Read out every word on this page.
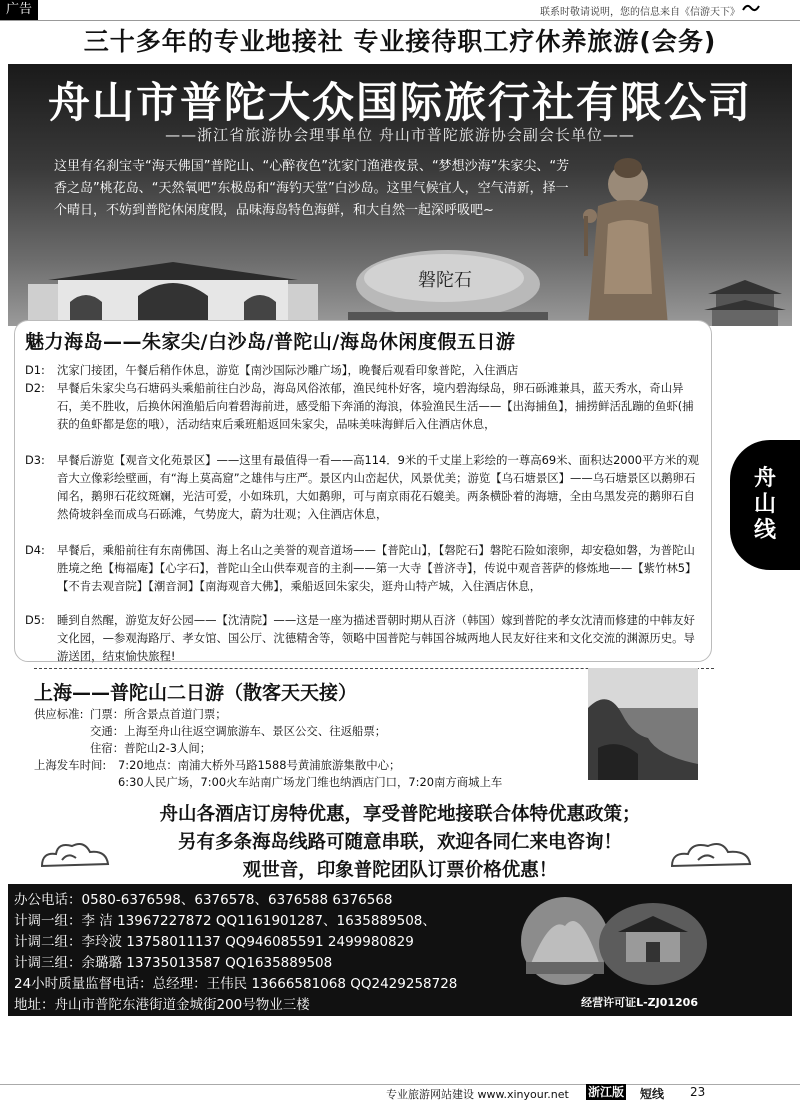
广告	联系时敬请说明，您的信息来自《信游天下》
三十多年的专业地接社 专业接待职工疗休养旅游(会务)
舟山市普陀大众国际旅行社有限公司
——浙江省旅游协会理事单位 舟山市普陀旅游协会副会长单位——
这里有名刹宝寺“海天佛国”普陀山、“心醉夜色”沈家门渔港夜景、“梦想沙海”朱家尖、“芳香之岛”桃花岛、“天然氧吧”东极岛和“海钓天堂”白沙岛。这里气候宜人，空气清新，择一个晴日，不妨到普陀休闲度假，品味海岛特色海鲜，和大自然一起深呼吸吧~
磐陀石
魅力海岛——朱家尖/白沙岛/普陀山/海岛休闲度假五日游
D1:	沈家门接团，午餐后稍作休息，游览【南沙国际沙雕广场】，晚餐后观看印象普陀，入住酒店
D2:	早餐后朱家尖乌石塘码头乘船前往白沙岛，海岛风俗浓郁，渔民纯朴好客，境内碧海绿岛，卵石砾滩兼具，蓝天秀水，奇山异石，美不胜收，后换休闲渔船后向着碧海前进，感受船下奔涌的海浪，体验渔民生活——【出海捕鱼】，捕捞鲜活乱蹦的鱼虾(捕获的鱼虾都是您的哦），活动结束后乘班船返回朱家尖，品味美味海鲜后入住酒店休息，
D3:	早餐后游览【观音文化苑景区】——这里有最值得一看——高114．9米的千丈崖上彩绘的一尊高69米、面积达2000平方米的观音大立像彩绘壁画，有“海上莫高窟”之雄伟与庄严。景区内山峦起伏，风景优美；游览【乌石塘景区】——乌石塘景区以鹅卵石闻名，鹅卵石花纹斑斓，光洁可爱，小如珠玑，大如鹅卵，可与南京雨花石媲美。两条横卧着的海塘，全由乌黑发亮的鹅卵石自然倚坡斜垒而成乌石砾滩，气势庞大，蔚为壮观；入住酒店休息，
D4:	早餐后，乘船前往有东南佛国、海上名山之美誉的观音道场——【普陀山】，【磐陀石】磐陀石险如滚卵，却安稳如磐，为普陀山胜境之绝【梅福庵】【心字石】，普陀山全山供奉观音的主刹——第一大寺【普济寺】，传说中观音菩萨的修炼地——【紫竹林5】【不肯去观音院】【潮音洞】【南海观音大佛】，乘船返回朱家尖，逛舟山特产城，入住酒店休息，
D5:	睡到自然醒，游览友好公园——【沈清院】——这是一座为描述晋朝时期从百济（韩国）嫁到普陀的孝女沈清而修建的中韩友好文化园，—参观海路厅、孝女馆、国公厅、沈德精舍等，领略中国普陀与韩国谷城两地人民友好往来和文化交流的渊源历史。导游送团，结束愉快旅程!
舟山线
上海——普陀山二日游（散客天天接）
供应标准: 门票：所含景点首道门票；
交通：上海至舟山往返空调旅游车、景区公交、往返船票；
住宿：普陀山2-3人间；
上海发车时间: 7:20地点：南浦大桥外马路1588号黄浦旅游集散中心；
6:30人民广场，7:00火车站南广场龙门维也纳酒店门口，7:20南方商城上车
舟山各酒店订房特优惠，享受普陀地接联合体特优惠政策；
另有多条海岛线路可随意串联，欢迎各同仁来电咨询！
观世音，印象普陀团队订票价格优惠！
办公电话：0580-6376598、6376578、6376588 6376568
计调一组：李 洁 13967227872 QQ1161901287、1635889508、
计调二组：李玲波 13758011137 QQ946085591 2499980829
计调三组：余璐璐 13735013587 QQ1635889508
24小时质量监督电话：总经理：王伟民 13666581068 QQ2429258728
地址：舟山市普陀东港街道金城街200号物业三楼	经营许可证L-ZJ01206
专业旅游网站建设 www.xinyour.net 浙江版 短线 23
